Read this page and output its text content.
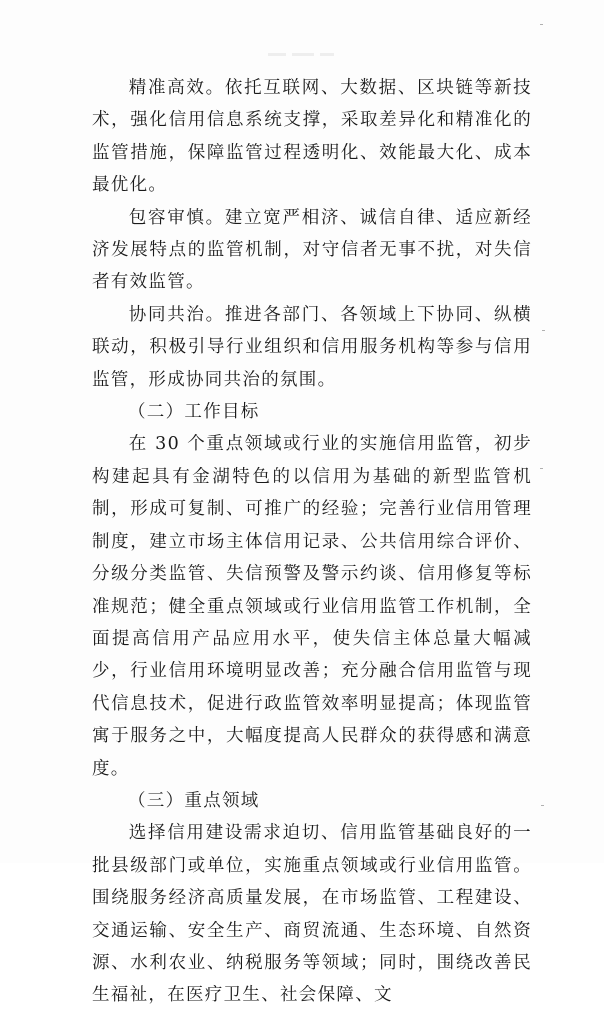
精准高效。依托互联网、大数据、区块链等新技术，强化信用信息系统支撑，采取差异化和精准化的监管措施，保障监管过程透明化、效能最大化、成本最优化。

包容审慎。建立宽严相济、诚信自律、适应新经济发展特点的监管机制，对守信者无事不扰，对失信者有效监管。

协同共治。推进各部门、各领域上下协同、纵横联动，积极引导行业组织和信用服务机构等参与信用监管，形成协同共治的氛围。

（二）工作目标

在 30 个重点领域或行业的实施信用监管，初步构建起具有金湖特色的以信用为基础的新型监管机制，形成可复制、可推广的经验；完善行业信用管理制度，建立市场主体信用记录、公共信用综合评价、分级分类监管、失信预警及警示约谈、信用修复等标准规范；健全重点领域或行业信用监管工作机制，全面提高信用产品应用水平，使失信主体总量大幅减少，行业信用环境明显改善；充分融合信用监管与现代信息技术，促进行政监管效率明显提高；体现监管寓于服务之中，大幅度提高人民群众的获得感和满意度。

（三）重点领域

选择信用建设需求迫切、信用监管基础良好的一批县级部门或单位，实施重点领域或行业信用监管。围绕服务经济高质量发展，在市场监管、工程建设、交通运输、安全生产、商贸流通、生态环境、自然资源、水利农业、纳税服务等领域；同时，围绕改善民生福祉，在医疗卫生、社会保障、文
